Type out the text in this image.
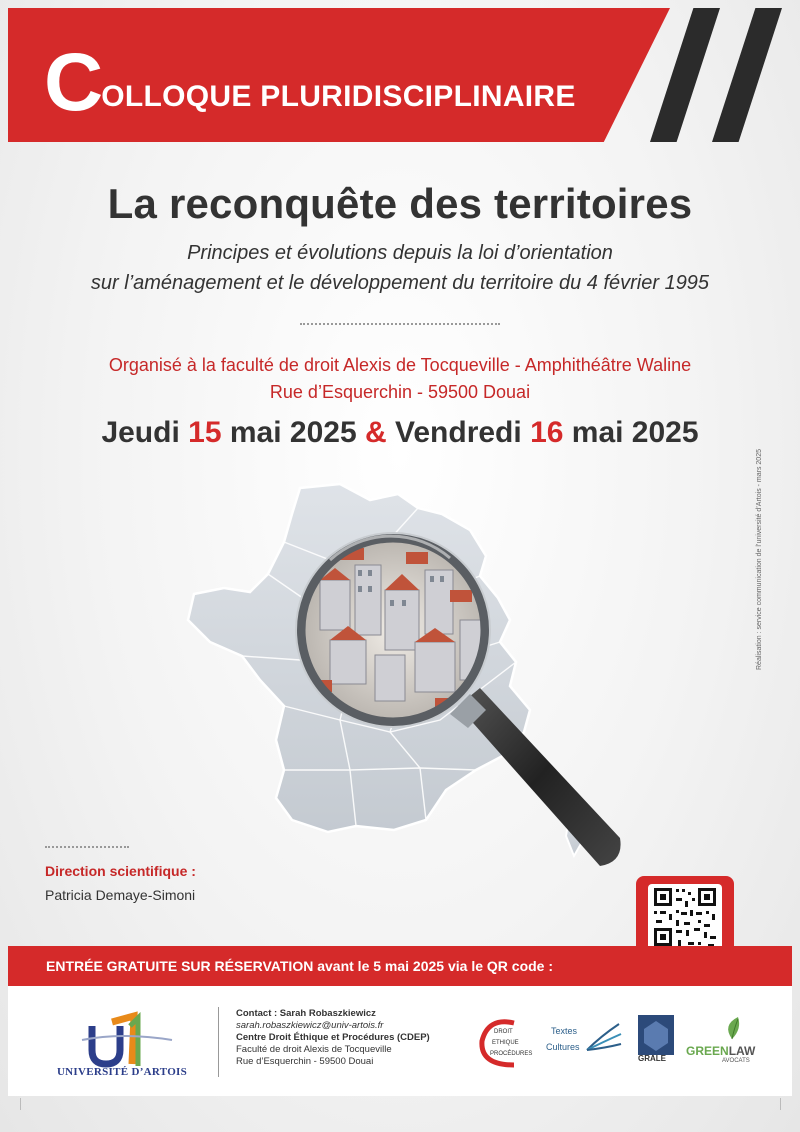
C OLLOQUE PLURIDISCIPLINAIRE
La reconquête des territoires
Principes et évolutions depuis la loi d’orientation
sur l’aménagement et le développement du territoire du 4 février 1995
Organisé à la faculté de droit Alexis de Tocqueville - Amphithéâtre Waline
Rue d’Esquerchin - 59500 Douai
Jeudi 15 mai 2025 & Vendredi 16 mai 2025
Réalisation : service communication de l’université d’Artois - mars 2025
Direction scientifique :
Patricia Demaye-Simoni
ENTRÉE GRATUITE SUR RÉSERVATION avant le 5 mai 2025 via le QR code :
UNIVERSITÉ D’ARTOIS
Contact : Sarah Robaszkiewicz
sarah.robaszkiewicz@univ-artois.fr
Centre Droit Éthique et Procédures (CDEP)
Faculté de droit Alexis de Tocqueville
Rue d’Esquerchin - 59500 Douai
DROIT
ETHIQUE
PROCÉDURES
Textes
Cultures
GRALE
GREENLAW
AVOCATS
